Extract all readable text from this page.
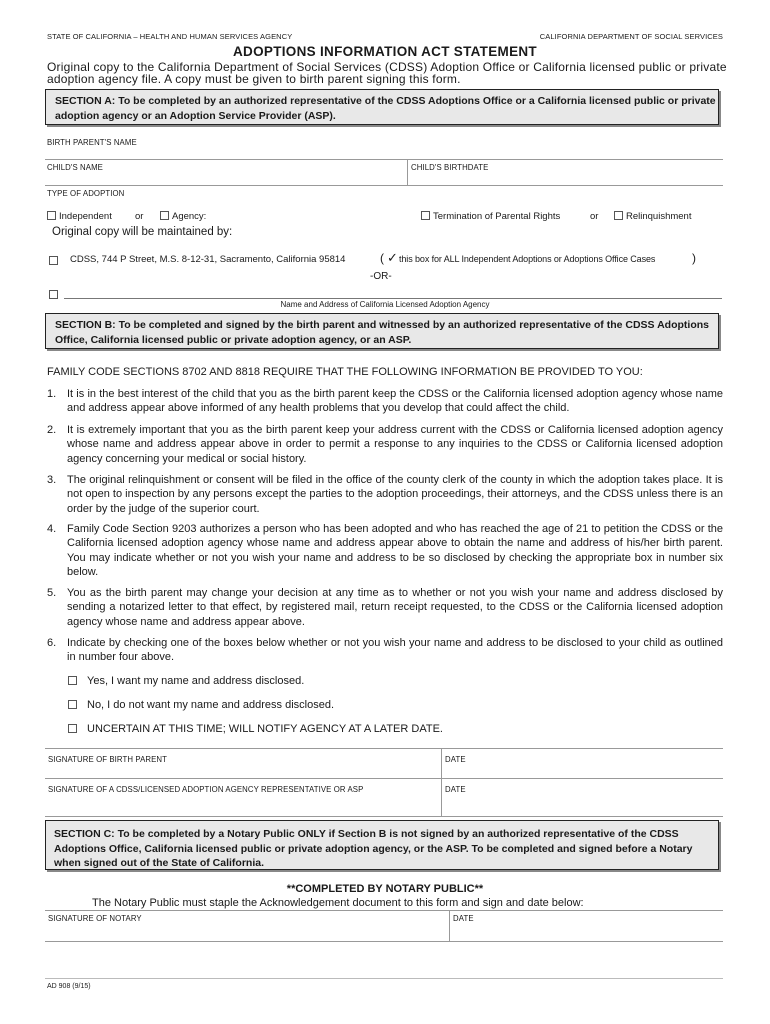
STATE OF CALIFORNIA – HEALTH AND HUMAN SERVICES AGENCY	CALIFORNIA DEPARTMENT OF SOCIAL SERVICES
ADOPTIONS INFORMATION ACT STATEMENT
Original copy to the California Department of Social Services (CDSS) Adoption Office or California licensed public or private adoption agency file. A copy must be given to birth parent signing this form.
SECTION A: To be completed by an authorized representative of the CDSS Adoptions Office or a California licensed public or private adoption agency or an Adoption Service Provider (ASP).
BIRTH PARENT'S NAME
CHILD'S NAME	CHILD'S BIRTHDATE
TYPE OF ADOPTION
Independent or	Agency:	Termination of Parental Rights	or	Relinquishment
Original copy will be maintained by:
CDSS, 744 P Street, M.S. 8-12-31, Sacramento, California 95814	( ✓ this box for ALL Independent Adoptions or Adoptions Office Cases	)
-OR-
Name and Address of California Licensed Adoption Agency
SECTION B: To be completed and signed by the birth parent and witnessed by an authorized representative of the CDSS Adoptions Office, California licensed public or private adoption agency, or an ASP.
FAMILY CODE SECTIONS 8702 AND 8818 REQUIRE THAT THE FOLLOWING INFORMATION BE PROVIDED TO YOU:
1. It is in the best interest of the child that you as the birth parent keep the CDSS or the California licensed adoption agency whose name and address appear above informed of any health problems that you develop that could affect the child.
2. It is extremely important that you as the birth parent keep your address current with the CDSS or California licensed adoption agency whose name and address appear above in order to permit a response to any inquiries to the CDSS or California licensed adoption agency concerning your medical or social history.
3. The original relinquishment or consent will be filed in the office of the county clerk of the county in which the adoption takes place. It is not open to inspection by any persons except the parties to the adoption proceedings, their attorneys, and the CDSS unless there is an order by the judge of the superior court.
4. Family Code Section 9203 authorizes a person who has been adopted and who has reached the age of 21 to petition the CDSS or the California licensed adoption agency whose name and address appear above to obtain the name and address of his/her birth parent. You may indicate whether or not you wish your name and address to be so disclosed by checking the appropriate box in number six below.
5. You as the birth parent may change your decision at any time as to whether or not you wish your name and address disclosed by sending a notarized letter to that effect, by registered mail, return receipt requested, to the CDSS or the California licensed adoption agency whose name and address appear above.
6. Indicate by checking one of the boxes below whether or not you wish your name and address to be disclosed to your child as outlined in number four above.
Yes, I want my name and address disclosed.
No, I do not want my name and address disclosed.
UNCERTAIN AT THIS TIME; WILL NOTIFY AGENCY AT A LATER DATE.
SIGNATURE OF BIRTH PARENT	DATE
SIGNATURE OF A CDSS/LICENSED ADOPTION AGENCY REPRESENTATIVE OR ASP	DATE
SECTION C: To be completed by a Notary Public ONLY if Section B is not signed by an authorized representative of the CDSS Adoptions Office, California licensed public or private adoption agency, or the ASP. To be completed and signed before a Notary when signed out of the State of California.
**COMPLETED BY NOTARY PUBLIC**
The Notary Public must staple the Acknowledgement document to this form and sign and date below:
SIGNATURE OF NOTARY	DATE
AD 908 (9/15)
